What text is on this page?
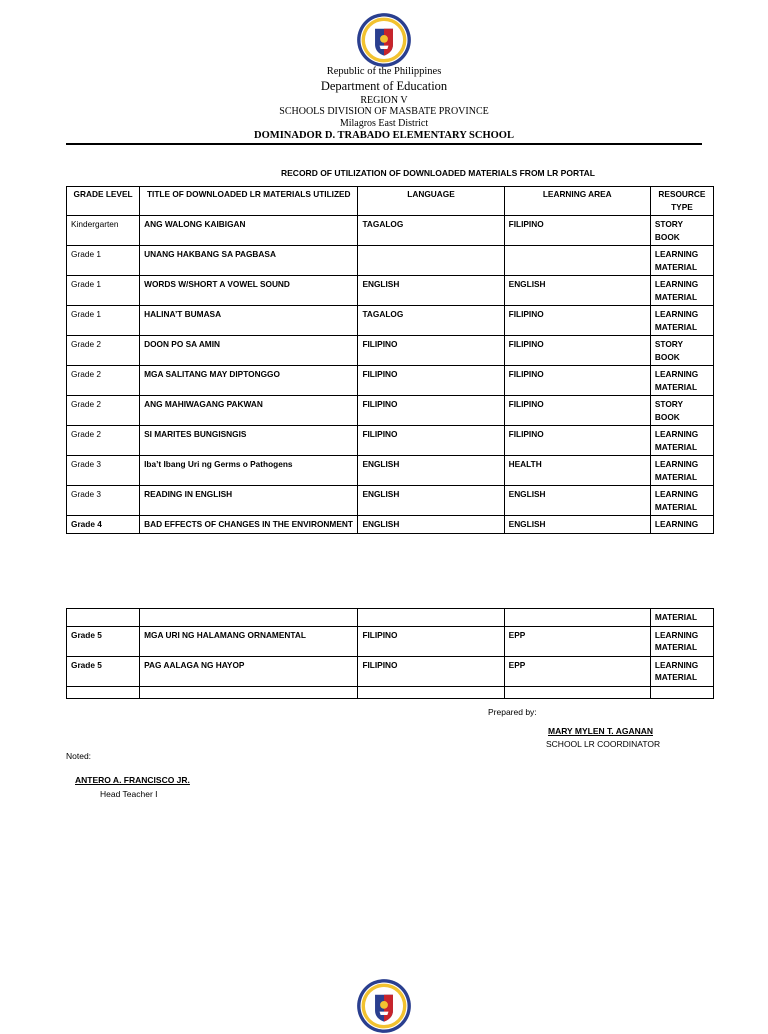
Republic of the Philippines
Department of Education
REGION V
SCHOOLS DIVISION OF MASBATE PROVINCE
Milagros East District
DOMINADOR D. TRABADO ELEMENTARY SCHOOL
RECORD OF UTILIZATION OF DOWNLOADED MATERIALS FROM LR PORTAL
GRADE LEVEL	TITLE OF DOWNLOADED LR MATERIALS UTILIZED	LANGUAGE	LEARNING AREA	RESOURCE
TYPE

Kindergarten	ANG WALONG KAIBIGAN	TAGALOG	FILIPINO	STORY
BOOK

Grade 1	UNANG HAKBANG SA PAGBASA			LEARNING
MATERIAL

Grade 1	WORDS W/SHORT A VOWEL SOUND	ENGLISH	ENGLISH	LEARNING
MATERIAL

Grade 1	HALINA’T BUMASA	TAGALOG	FILIPINO	LEARNING
MATERIAL

Grade 2	DOON PO SA AMIN	FILIPINO	FILIPINO	STORY
BOOK

Grade 2	MGA SALITANG MAY DIPTONGGO	FILIPINO	FILIPINO	LEARNING
MATERIAL

Grade 2	ANG MAHIWAGANG PAKWAN	FILIPINO	FILIPINO	STORY
BOOK

Grade 2	SI MARITES BUNGISNGIS	FILIPINO	FILIPINO	LEARNING
MATERIAL

Grade 3	Iba’t Ibang Uri ng Germs o Pathogens	ENGLISH	HEALTH	LEARNING
MATERIAL

Grade 3	READING IN ENGLISH	ENGLISH	ENGLISH	LEARNING
MATERIAL

Grade 4	BAD EFFECTS OF CHANGES IN THE ENVIRONMENT	ENGLISH	ENGLISH	LEARNING

				MATERIAL

Grade 5	MGA URI NG HALAMANG ORNAMENTAL	FILIPINO	EPP	LEARNING
MATERIAL

Grade 5	PAG AALAGA NG HAYOP	FILIPINO	EPP	LEARNING
MATERIAL

Prepared by:
MARY MYLEN T. AGANAN
SCHOOL LR COORDINATOR
Noted:
ANTERO A. FRANCISCO JR.
Head Teacher I
